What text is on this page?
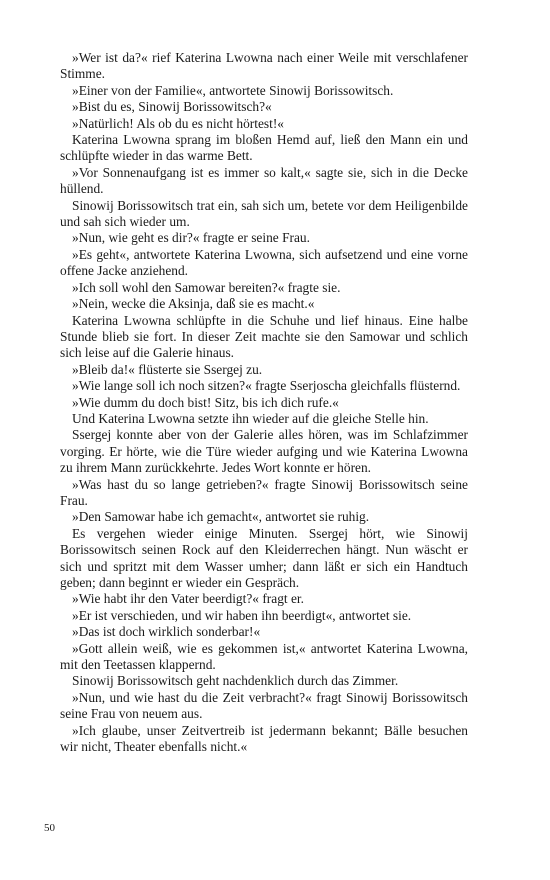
»Wer ist da?« rief Katerina Lwowna nach einer Weile mit verschlafener Stimme.

»Einer von der Familie«, antwortete Sinowij Borissowitsch.

»Bist du es, Sinowij Borissowitsch?«

»Natürlich! Als ob du es nicht hörtest!«

Katerina Lwowna sprang im bloßen Hemd auf, ließ den Mann ein und schlüpfte wieder in das warme Bett.

»Vor Sonnenaufgang ist es immer so kalt,« sagte sie, sich in die Decke hüllend.

Sinowij Borissowitsch trat ein, sah sich um, betete vor dem Heiligenbilde und sah sich wieder um.

»Nun, wie geht es dir?« fragte er seine Frau.

»Es geht«, antwortete Katerina Lwowna, sich aufsetzend und eine vorne offene Jacke anziehend.

»Ich soll wohl den Samowar bereiten?« fragte sie.

»Nein, wecke die Aksinja, daß sie es macht.«

Katerina Lwowna schlüpfte in die Schuhe und lief hinaus. Eine halbe Stunde blieb sie fort. In dieser Zeit machte sie den Samowar und schlich sich leise auf die Galerie hinaus.

»Bleib da!« flüsterte sie Ssergej zu.

»Wie lange soll ich noch sitzen?« fragte Sserjoscha gleichfalls flüsternd.

»Wie dumm du doch bist! Sitz, bis ich dich rufe.«

Und Katerina Lwowna setzte ihn wieder auf die gleiche Stelle hin.

Ssergej konnte aber von der Galerie alles hören, was im Schlafzimmer vorging. Er hörte, wie die Türe wieder aufging und wie Katerina Lwowna zu ihrem Mann zurückkehrte. Jedes Wort konnte er hören.

»Was hast du so lange getrieben?« fragte Sinowij Borissowitsch seine Frau.

»Den Samowar habe ich gemacht«, antwortet sie ruhig.

Es vergehen wieder einige Minuten. Ssergej hört, wie Sinowij Borissowitsch seinen Rock auf den Kleiderrechen hängt. Nun wäscht er sich und spritzt mit dem Wasser umher; dann läßt er sich ein Handtuch geben; dann beginnt er wieder ein Gespräch.

»Wie habt ihr den Vater beerdigt?« fragt er.

»Er ist verschieden, und wir haben ihn beerdigt«, antwortet sie.

»Das ist doch wirklich sonderbar!«

»Gott allein weiß, wie es gekommen ist,« antwortet Katerina Lwowna, mit den Teetassen klappernd.

Sinowij Borissowitsch geht nachdenklich durch das Zimmer.

»Nun, und wie hast du die Zeit verbracht?« fragt Sinowij Borissowitsch seine Frau von neuem aus.

»Ich glaube, unser Zeitvertreib ist jedermann bekannt; Bälle besuchen wir nicht, Theater ebenfalls nicht.«

50
